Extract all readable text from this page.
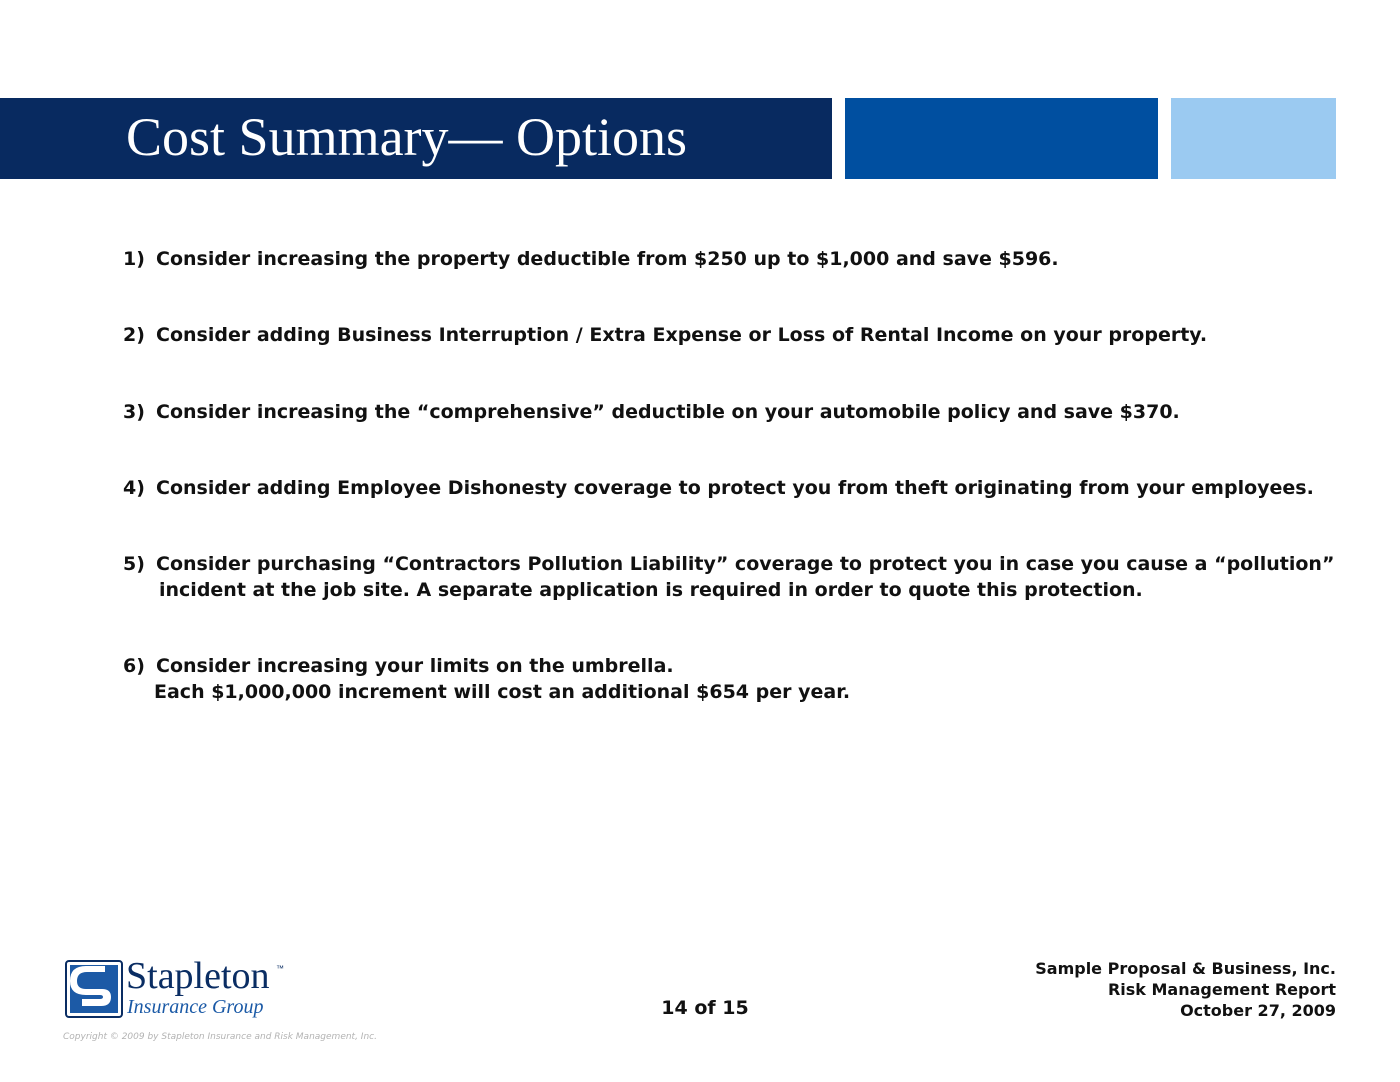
Cost Summary— Options
1) Consider increasing the property deductible from $250 up to $1,000 and save $596.
2) Consider adding Business Interruption / Extra Expense or Loss of Rental Income on your property.
3) Consider increasing the “comprehensive” deductible on your automobile policy and save $370.
4) Consider adding Employee Dishonesty coverage to protect you from theft originating from your employees.
5) Consider purchasing “Contractors Pollution Liability” coverage to protect you in case you cause a “pollution”
incident at the job site. A separate application is required in order to quote this protection.
6) Consider increasing your limits on the umbrella.
Each $1,000,000 increment will cost an additional $654 per year.
Stapleton ™
Insurance Group
Copyright © 2009 by Stapleton Insurance and Risk Management, Inc.
14 of 15
Sample Proposal & Business, Inc.
Risk Management Report
October 27, 2009
